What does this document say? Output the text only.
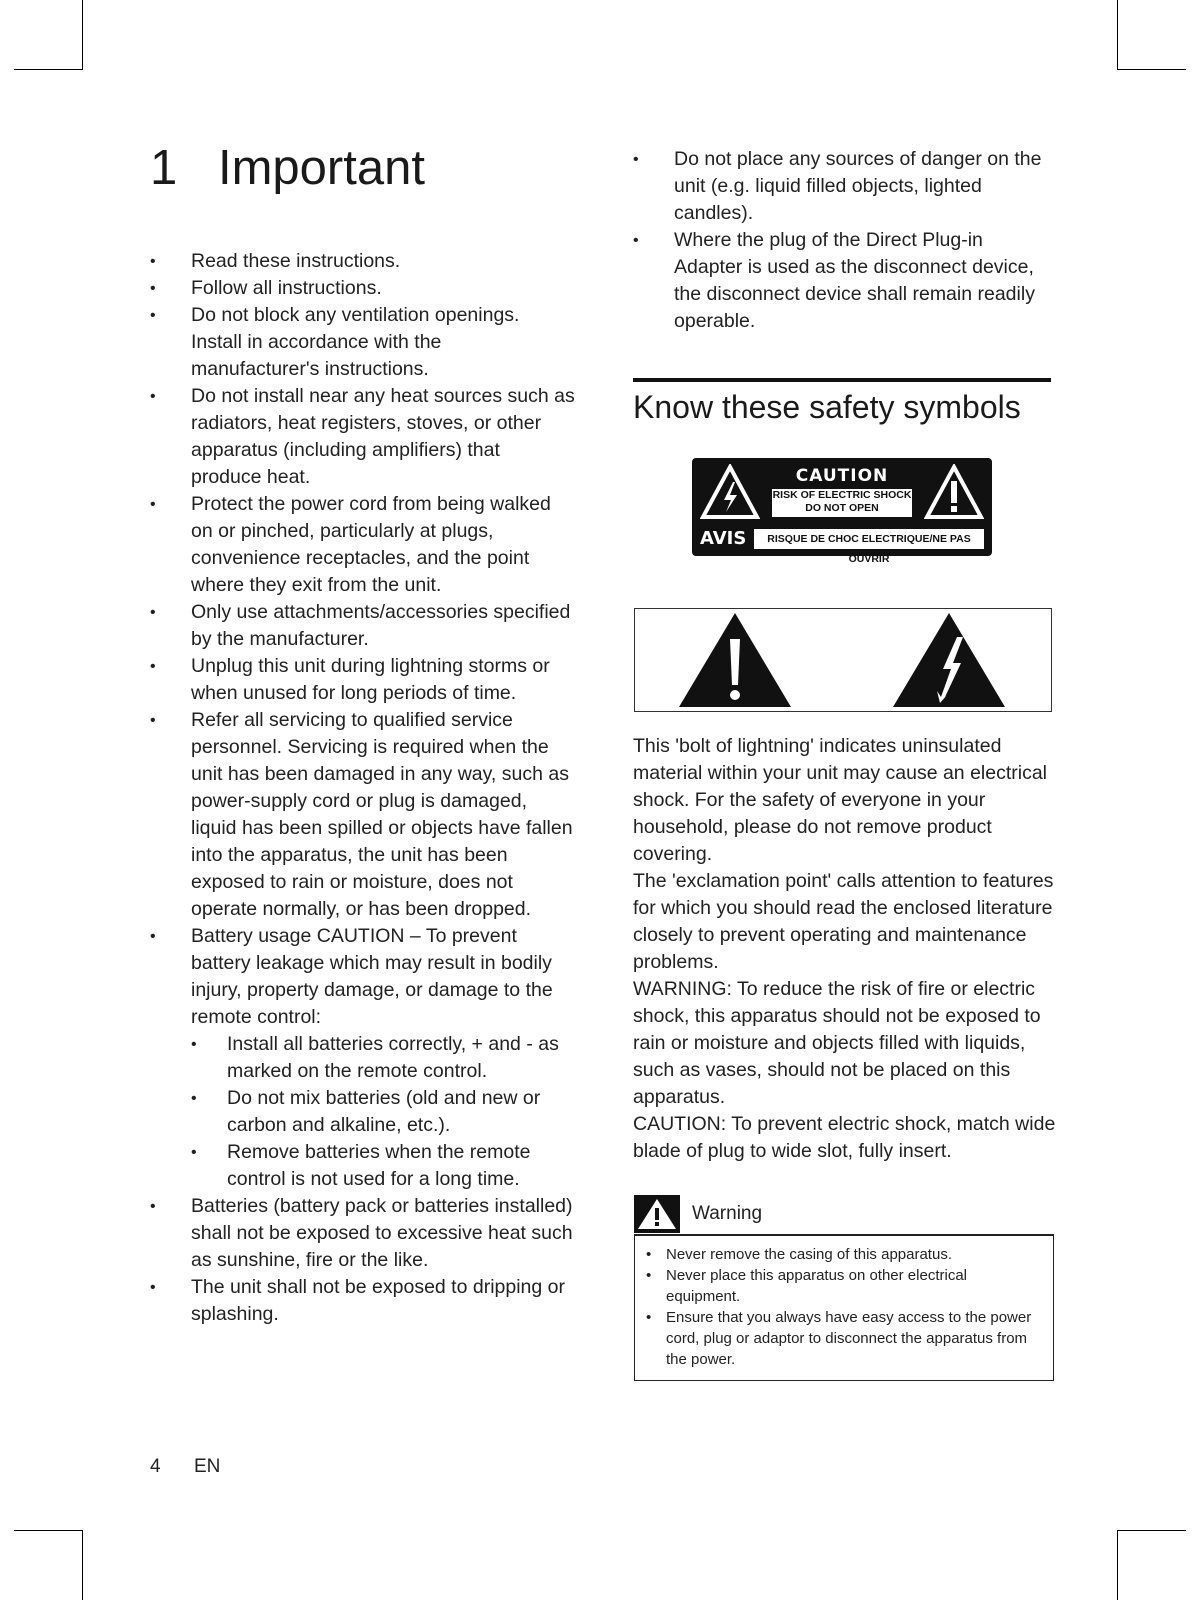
1 Important
• Read these instructions.
• Follow all instructions.
• Do not block any ventilation openings. Install in accordance with the manufacturer's instructions.
• Do not install near any heat sources such as radiators, heat registers, stoves, or other apparatus (including amplifiers) that produce heat.
• Protect the power cord from being walked on or pinched, particularly at plugs, convenience receptacles, and the point where they exit from the unit.
• Only use attachments/accessories specified by the manufacturer.
• Unplug this unit during lightning storms or when unused for long periods of time.
• Refer all servicing to qualified service personnel. Servicing is required when the unit has been damaged in any way, such as power-supply cord or plug is damaged, liquid has been spilled or objects have fallen into the apparatus, the unit has been exposed to rain or moisture, does not operate normally, or has been dropped.
• Battery usage CAUTION – To prevent battery leakage which may result in bodily injury, property damage, or damage to the remote control:
• Install all batteries correctly, + and - as marked on the remote control.
• Do not mix batteries (old and new or carbon and alkaline, etc.).
• Remove batteries when the remote control is not used for a long time.
• Batteries (battery pack or batteries installed) shall not be exposed to excessive heat such as sunshine, fire or the like.
• The unit shall not be exposed to dripping or splashing.
• Do not place any sources of danger on the unit (e.g. liquid filled objects, lighted candles).
• Where the plug of the Direct Plug-in Adapter is used as the disconnect device, the disconnect device shall remain readily operable.
Know these safety symbols
CAUTION
RISK OF ELECTRIC SHOCK
DO NOT OPEN
AVIS	RISQUE DE CHOC ELECTRIQUE/NE PAS OUVRIR

This 'bolt of lightning' indicates uninsulated material within your unit may cause an electrical shock. For the safety of everyone in your household, please do not remove product covering.

The 'exclamation point' calls attention to features for which you should read the enclosed literature closely to prevent operating and maintenance problems.

WARNING: To reduce the risk of fire or electric shock, this apparatus should not be exposed to rain or moisture and objects filled with liquids, such as vases, should not be placed on this apparatus.

CAUTION: To prevent electric shock, match wide blade of plug to wide slot, fully insert.

Warning
• Never remove the casing of this apparatus.
• Never place this apparatus on other electrical equipment.
• Ensure that you always have easy access to the power cord, plug or adaptor to disconnect the apparatus from the power.
4 EN
